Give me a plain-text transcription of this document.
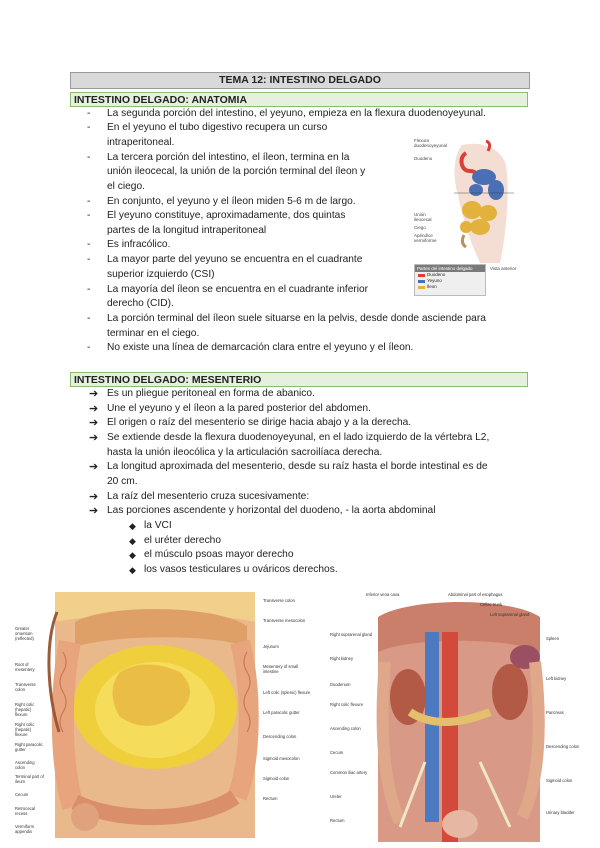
TEMA 12: INTESTINO DELGADO
INTESTINO DELGADO: ANATOMIA
- La segunda porción del intestino, el yeyuno, empieza en la flexura duodenoyeyunal.
- En el yeyuno el tubo digestivo recupera un curso
intraperitoneal.
- La tercera porción del intestino, el íleon, termina en la
unión ileocecal, la unión de la porción terminal del íleon y
el ciego.
- En conjunto, el yeyuno y el íleon miden 5-6 m de largo.
- El yeyuno constituye, aproximadamente, dos quintas
partes de la longitud intraperitoneal
- Es infracólico.
- La mayor parte del yeyuno se encuentra en el cuadrante
superior izquierdo (CSI)
- La mayoría del íleon se encuentra en el cuadrante inferior
derecho (CID).
- La porción terminal del íleon suele situarse en la pelvis, desde donde asciende para
terminar en el ciego.
- No existe una línea de demarcación clara entre el yeyuno y el íleon.
Flexura duodenoyeyunal
Duodeno
Unión ileocecal
Ciego
Apéndice vermiforme
Vista anterior
Partes del intestino delgado
Duodeno
Yeyuno
Íleon
INTESTINO DELGADO: MESENTERIO
➔ Es un pliegue peritoneal en forma de abanico.
➔ Une el yeyuno y el íleon a la pared posterior del abdomen.
➔ El origen o raíz del mesenterio se dirige hacia abajo y a la derecha.
➔ Se extiende desde la flexura duodenoyeyunal, en el lado izquierdo de la vértebra L2,
hasta la unión ileocólica y la articulación sacroilíaca derecha.
➔ La longitud aproximada del mesenterio, desde su raíz hasta el borde intestinal es de
20 cm.
➔ La raíz del mesenterio cruza sucesivamente:
➔ Las porciones ascendente y horizontal del duodeno, - la aorta abdominal
◆ la VCI
◆ el uréter derecho
◆ el músculo psoas mayor derecho
◆ los vasos testiculares u ováricos derechos.
Greater omentum (reflected)
Root of mesentery
Transverse colon
Right colic (hepatic) flexure
Right colic (hepatic) flexure
Right paracolic gutter
Ascending colon
Terminal part of ileum
Cecum
Retrocecal recess
Vermiform appendix
Transverse colon
Transverse mesocolon
Jejunum
Mesentery of small intestine
Left colic (splenic) flexure
Left paracolic gutter
Descending colon
Sigmoid mesocolon
Sigmoid colon
Rectum
Inferior vena cava	Abdominal part of esophagus
Celiac trunk
Left suprarenal gland
Right suprarenal gland
Right kidney
Duodenum
Right colic flexure
Ascending colon
Cecum
Common iliac artery
Ureter
Rectum
Spleen
Left kidney
Pancreas
Descending colon
Sigmoid colon
Urinary bladder
